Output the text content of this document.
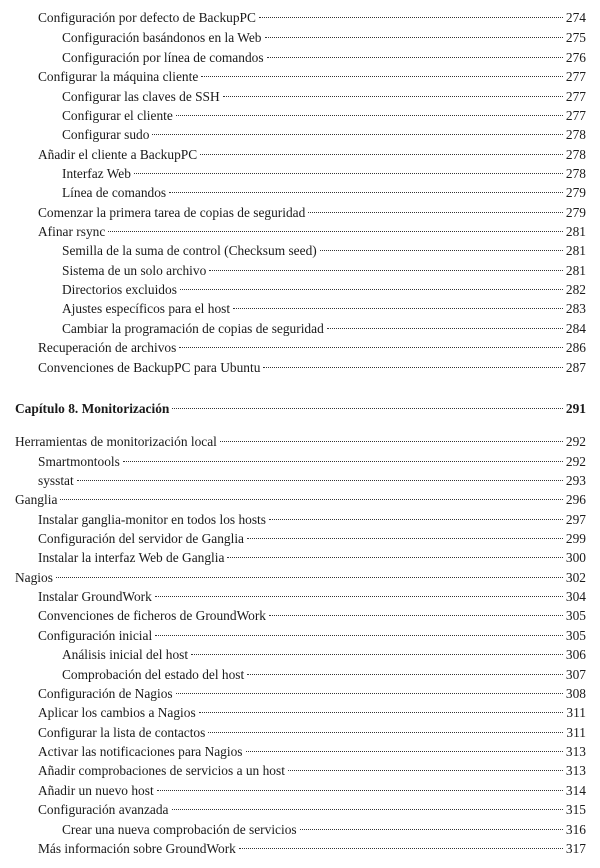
Configuración por defecto de BackupPC	274
Configuración basándonos en la Web	275
Configuración por línea de comandos	276
Configurar la máquina cliente	277
Configurar las claves de SSH	277
Configurar el cliente	277
Configurar sudo	278
Añadir el cliente a BackupPC	278
Interfaz Web	278
Línea de comandos	279
Comenzar la primera tarea de copias de seguridad	279
Afinar rsync	281
Semilla de la suma de control (Checksum seed)	281
Sistema de un solo archivo	281
Directorios excluidos	282
Ajustes específicos para el host	283
Cambiar la programación de copias de seguridad	284
Recuperación de archivos	286
Convenciones de BackupPC para Ubuntu	287
Capítulo 8. Monitorización	291
Herramientas de monitorización local	292
Smartmontools	292
sysstat	293
Ganglia	296
Instalar ganglia-monitor en todos los hosts	297
Configuración del servidor de Ganglia	299
Instalar la interfaz Web de Ganglia	300
Nagios	302
Instalar GroundWork	304
Convenciones de ficheros de GroundWork	305
Configuración inicial	305
Análisis inicial del host	306
Comprobación del estado del host	307
Configuración de Nagios	308
Aplicar los cambios a Nagios	311
Configurar la lista de contactos	311
Activar las notificaciones para Nagios	313
Añadir comprobaciones de servicios a un host	313
Añadir un nuevo host	314
Configuración avanzada	315
Crear una nueva comprobación de servicios	316
Más información sobre GroundWork	317
